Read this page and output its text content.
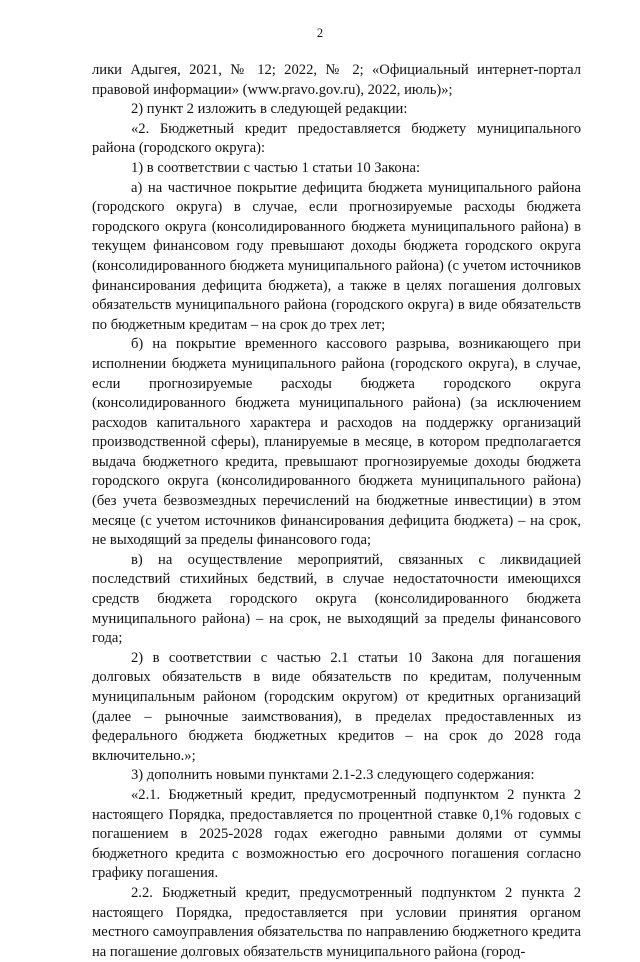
2

лики Адыгея, 2021, № 12; 2022, № 2; «Официальный интернет-портал правовой информации» (www.pravo.gov.ru), 2022, июль)»;

2) пункт 2 изложить в следующей редакции:

«2. Бюджетный кредит предоставляется бюджету муниципального района (городского округа):

1) в соответствии с частью 1 статьи 10 Закона:

а) на частичное покрытие дефицита бюджета муниципального района (городского округа) в случае, если прогнозируемые расходы бюджета городского округа (консолидированного бюджета муниципального района) в текущем финансовом году превышают доходы бюджета городского округа (консолидированного бюджета муниципального района) (с учетом источников финансирования дефицита бюджета), а также в целях погашения долговых обязательств муниципального района (городского округа) в виде обязательств по бюджетным кредитам – на срок до трех лет;

б) на покрытие временного кассового разрыва, возникающего при исполнении бюджета муниципального района (городского округа), в случае, если прогнозируемые расходы бюджета городского округа (консолидированного бюджета муниципального района) (за исключением расходов капитального характера и расходов на поддержку организаций производственной сферы), планируемые в месяце, в котором предполагается выдача бюджетного кредита, превышают прогнозируемые доходы бюджета городского округа (консолидированного бюджета муниципального района) (без учета безвозмездных перечислений на бюджетные инвестиции) в этом месяце (с учетом источников финансирования дефицита бюджета) – на срок, не выходящий за пределы финансового года;

в) на осуществление мероприятий, связанных с ликвидацией последствий стихийных бедствий, в случае недостаточности имеющихся средств бюджета городского округа (консолидированного бюджета муниципального района) – на срок, не выходящий за пределы финансового года;

2) в соответствии с частью 2.1 статьи 10 Закона для погашения долговых обязательств в виде обязательств по кредитам, полученным муниципальным районом (городским округом) от кредитных организаций (далее – рыночные заимствования), в пределах предоставленных из федерального бюджета бюджетных кредитов – на срок до 2028 года включительно.»;

3) дополнить новыми пунктами 2.1-2.3 следующего содержания:

«2.1. Бюджетный кредит, предусмотренный подпунктом 2 пункта 2 настоящего Порядка, предоставляется по процентной ставке 0,1% годовых с погашением в 2025-2028 годах ежегодно равными долями от суммы бюджетного кредита с возможностью его досрочного погашения согласно графику погашения.

2.2. Бюджетный кредит, предусмотренный подпунктом 2 пункта 2 настоящего Порядка, предоставляется при условии принятия органом местного самоуправления обязательства по направлению бюджетного кредита на погашение долговых обязательств муниципального района (город-
